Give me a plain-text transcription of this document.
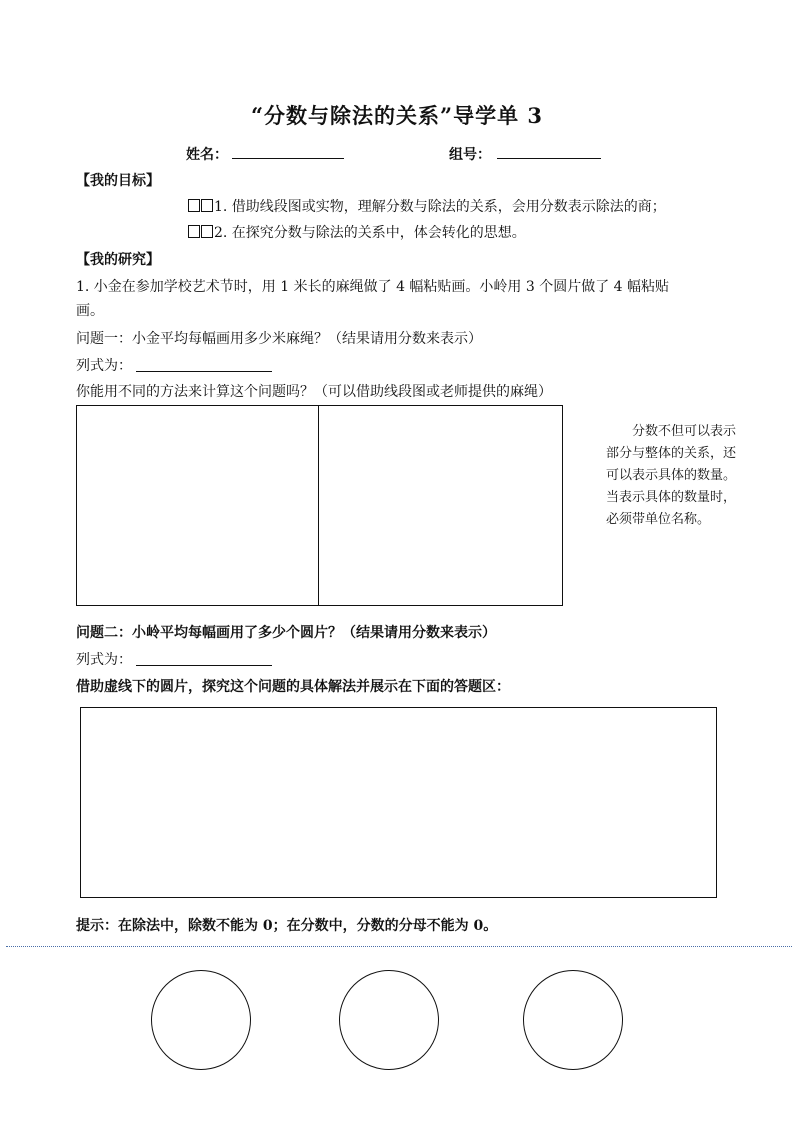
“分数与除法的关系”导学单 3
姓名：	组号：
【我的目标】
1. 借助线段图或实物，理解分数与除法的关系，会用分数表示除法的商；
2. 在探究分数与除法的关系中，体会转化的思想。
【我的研究】
1. 小金在参加学校艺术节时，用 1 米长的麻绳做了 4 幅粘贴画。小岭用 3 个圆片做了 4 幅粘贴
画。
问题一：小金平均每幅画用多少米麻绳？（结果请用分数来表示）
列式为：
你能用不同的方法来计算这个问题吗？（可以借助线段图或老师提供的麻绳）
分数不但可以表示部分与整体的关系，还可以表示具体的数量。当表示具体的数量时，必须带单位名称。
问题二：小岭平均每幅画用了多少个圆片？（结果请用分数来表示）
列式为：
借助虚线下的圆片，探究这个问题的具体解法并展示在下面的答题区：
提示：在除法中，除数不能为 0；在分数中，分数的分母不能为 0。
